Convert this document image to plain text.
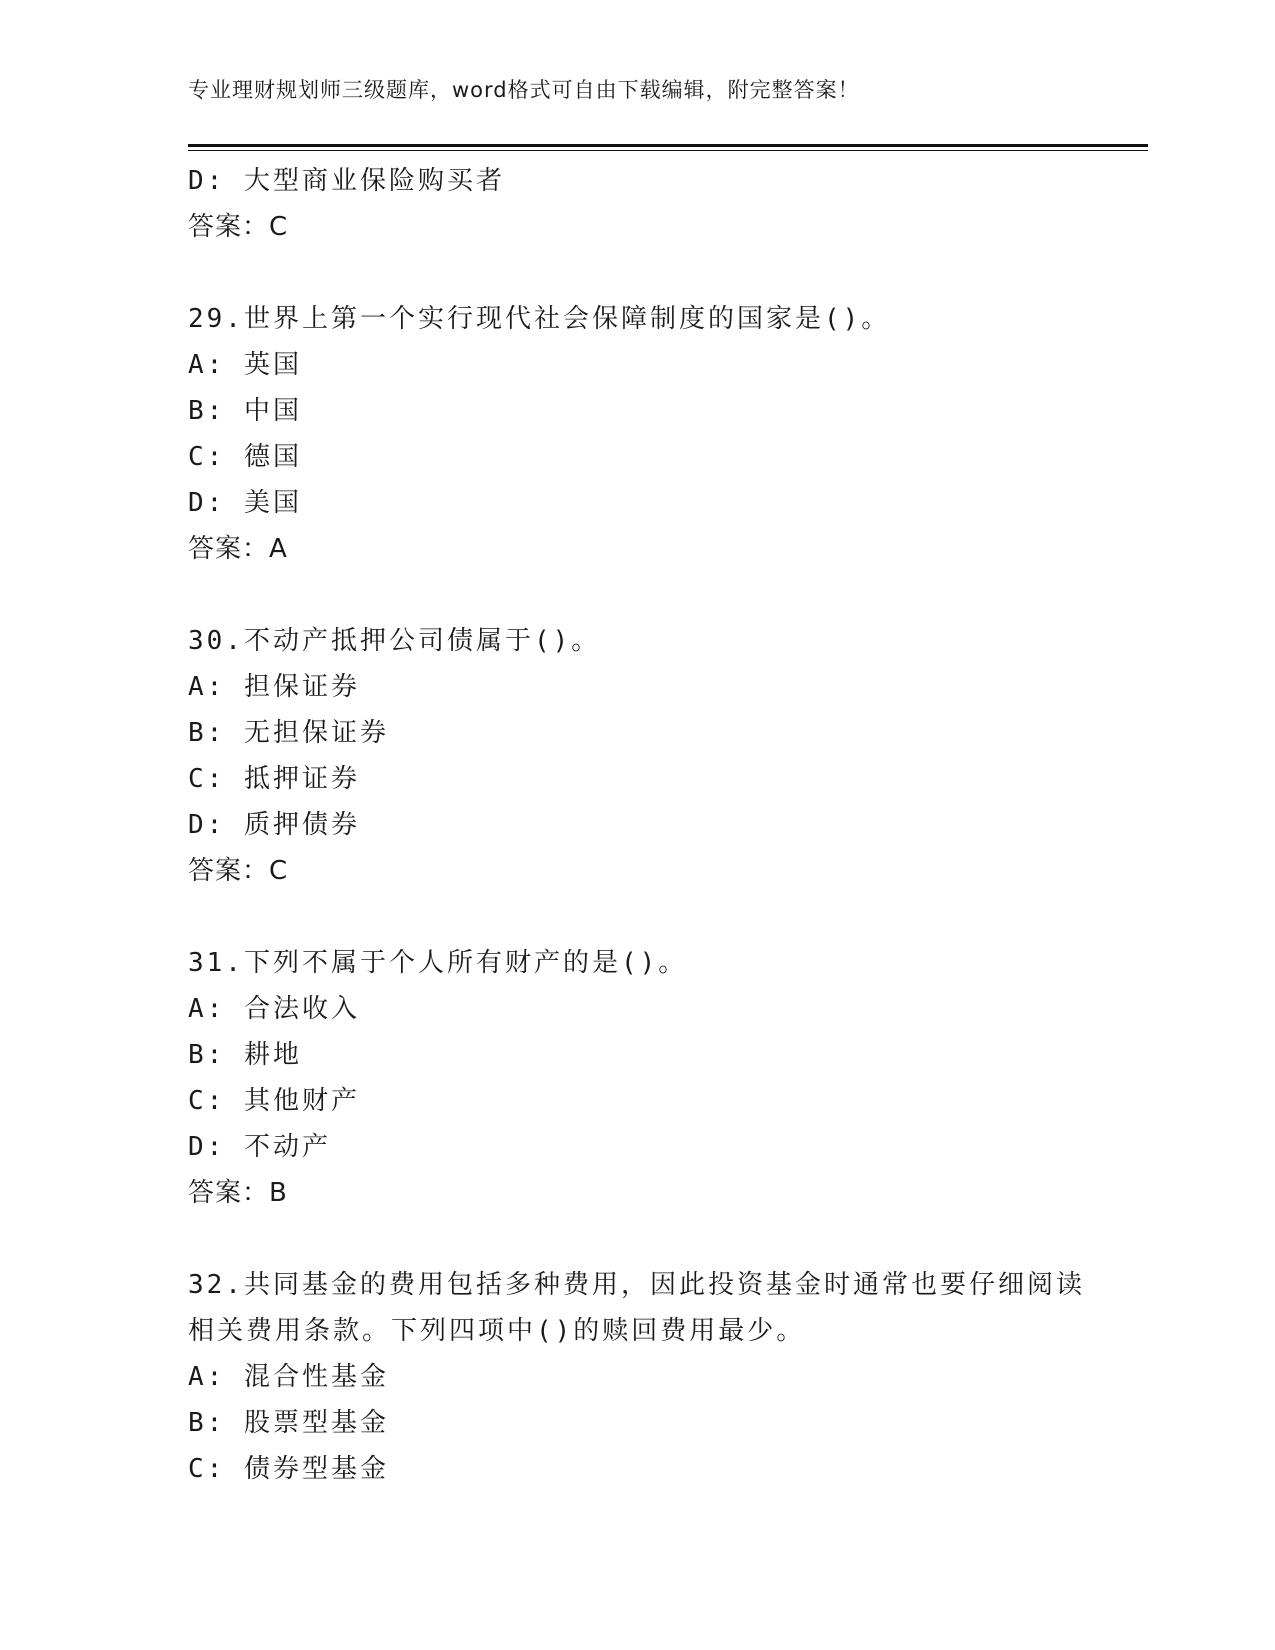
专业理财规划师三级题库，word格式可自由下载编辑，附完整答案！
D: 大型商业保险购买者
答案：C
29.世界上第一个实行现代社会保障制度的国家是()。
A: 英国
B: 中国
C: 德国
D: 美国
答案：A
30.不动产抵押公司债属于()。
A: 担保证券
B: 无担保证券
C: 抵押证券
D: 质押债券
答案：C
31.下列不属于个人所有财产的是()。
A: 合法收入
B: 耕地
C: 其他财产
D: 不动产
答案：B
32.共同基金的费用包括多种费用，因此投资基金时通常也要仔细阅读
相关费用条款。下列四项中()的赎回费用最少。
A: 混合性基金
B: 股票型基金
C: 债券型基金
